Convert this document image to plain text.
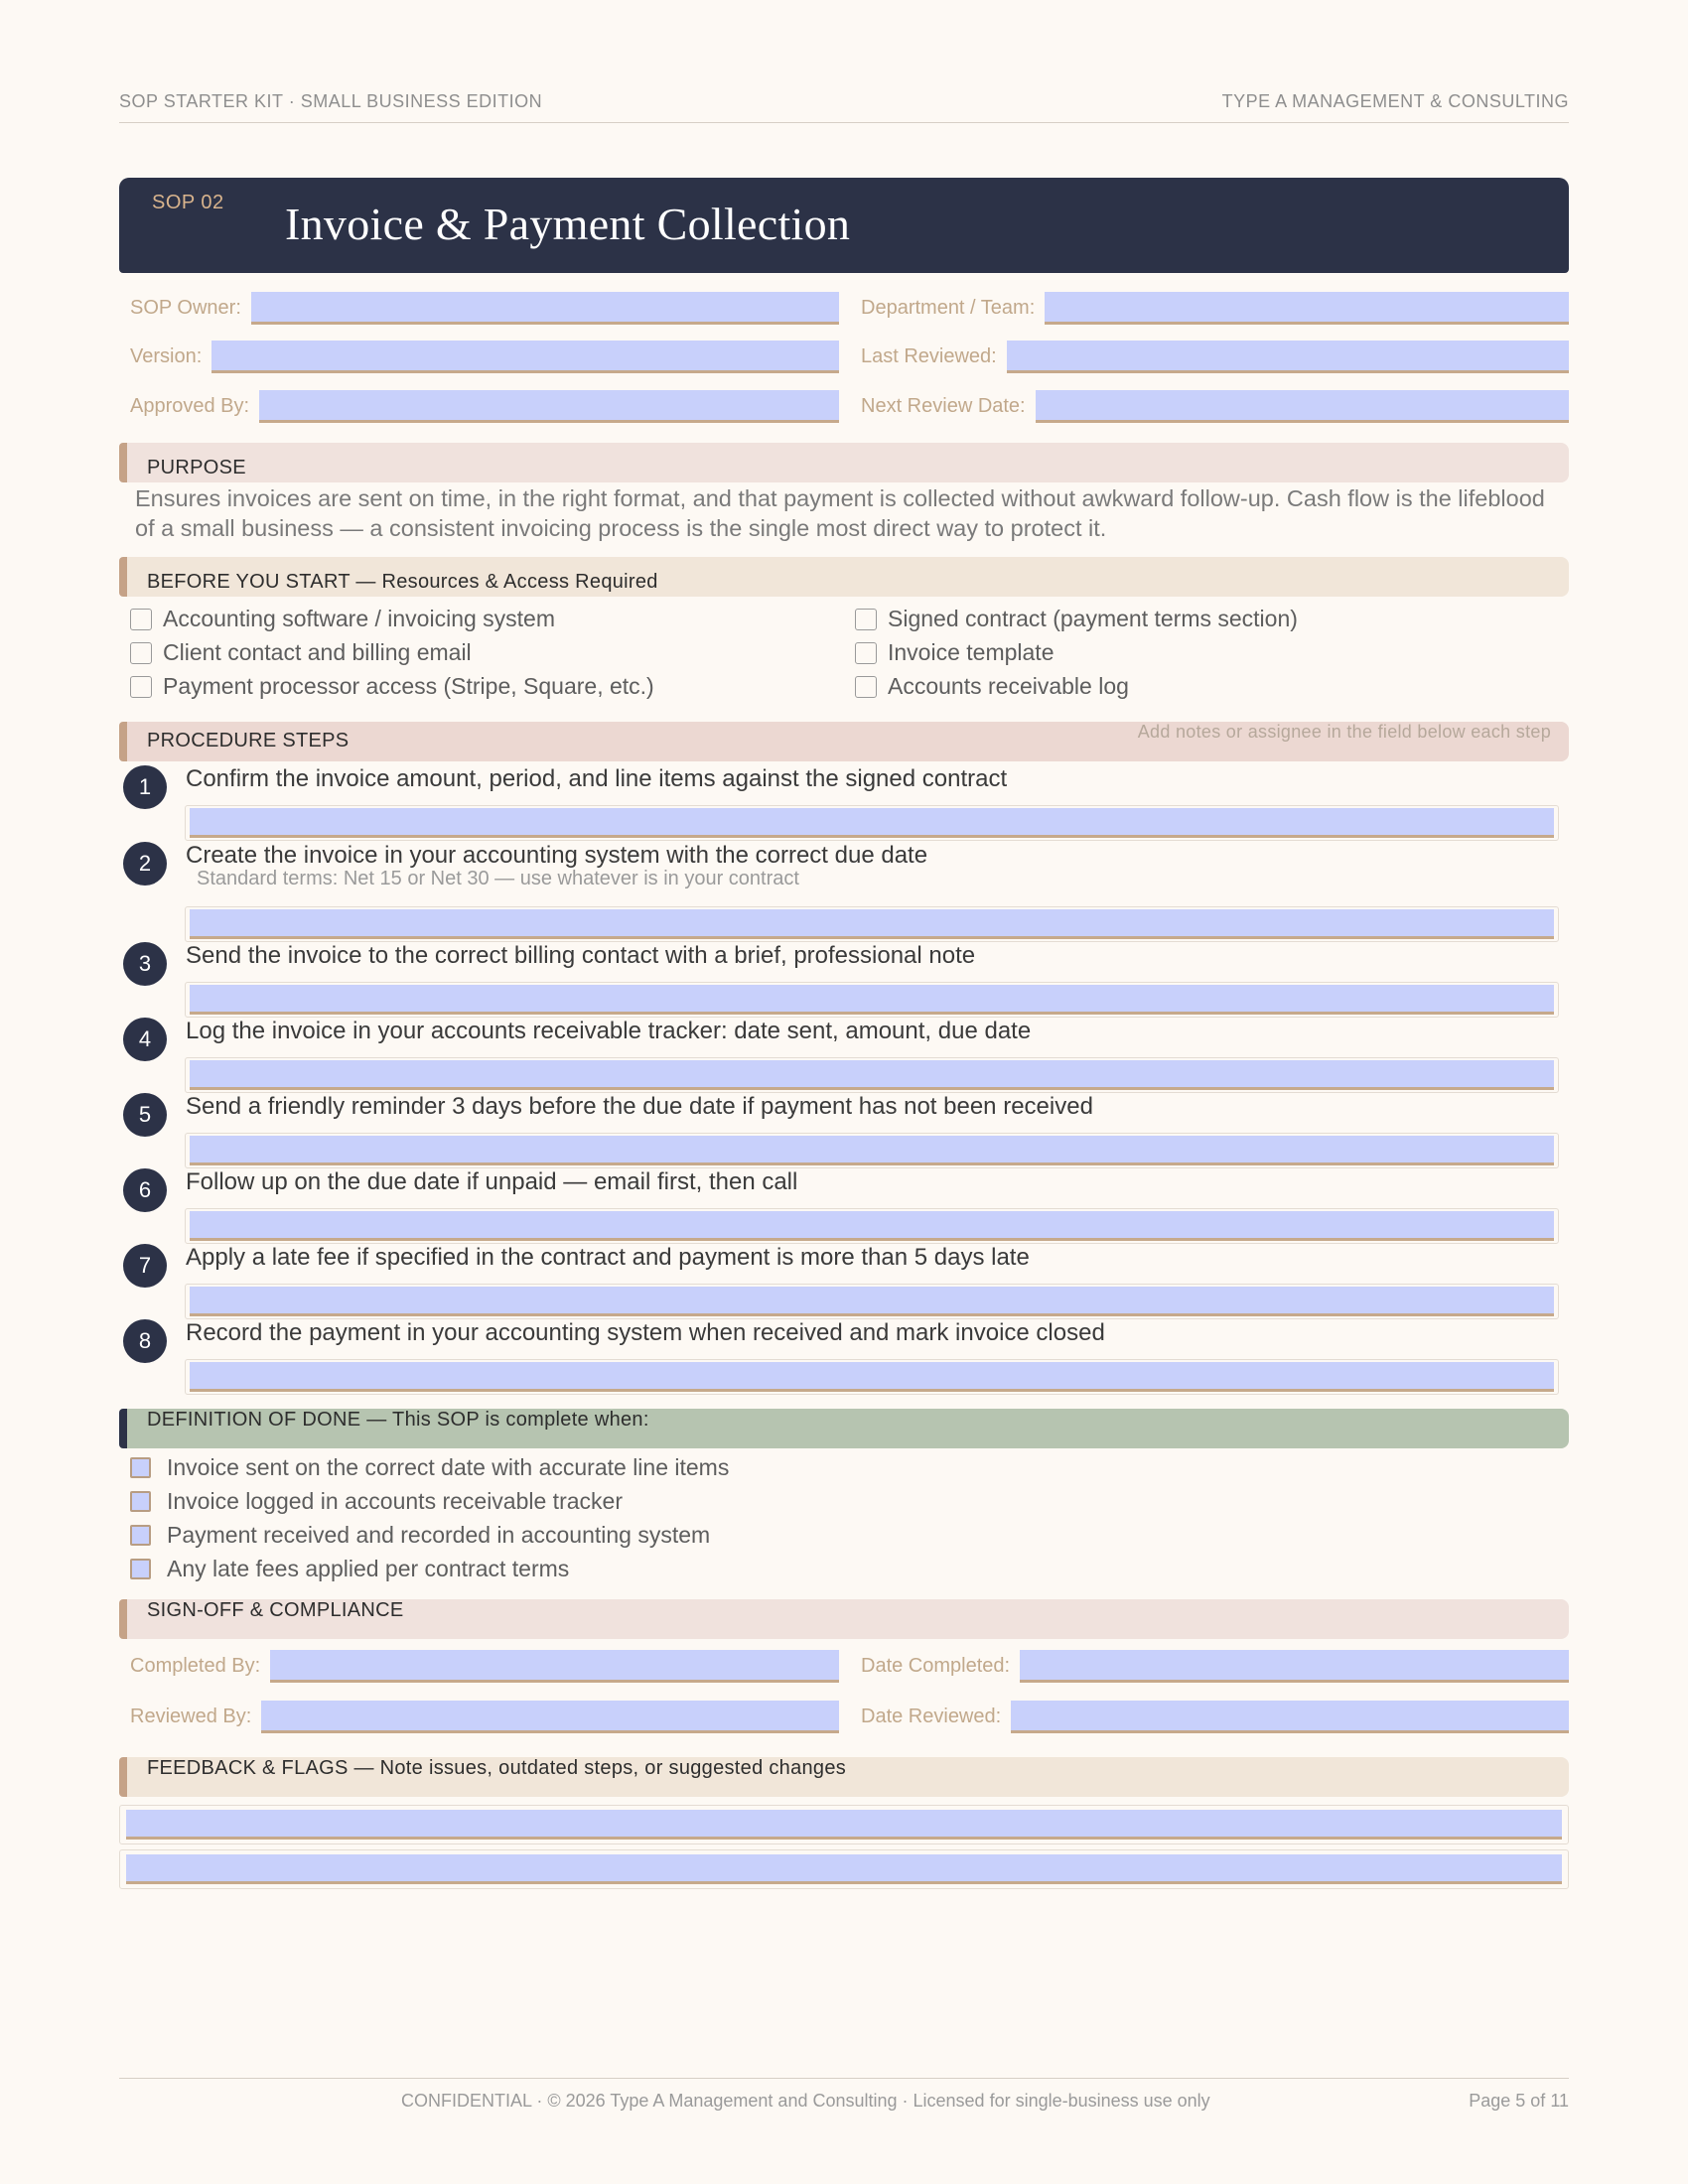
SOP STARTER KIT · SMALL BUSINESS EDITION	TYPE A MANAGEMENT & CONSULTING
SOP 02 Invoice & Payment Collection
SOP Owner:	Department / Team:
Version:	Last Reviewed:
Approved By:	Next Review Date:
PURPOSE
Ensures invoices are sent on time, in the right format, and that payment is collected without awkward follow-up. Cash flow is the lifeblood of a small business — a consistent invoicing process is the single most direct way to protect it.
BEFORE YOU START — Resources & Access Required
Accounting software / invoicing system
Client contact and billing email
Payment processor access (Stripe, Square, etc.)
Signed contract (payment terms section)
Invoice template
Accounts receivable log
PROCEDURE STEPS	Add notes or assignee in the field below each step
1	Confirm the invoice amount, period, and line items against the signed contract
2	Create the invoice in your accounting system with the correct due date
Standard terms: Net 15 or Net 30 — use whatever is in your contract
3	Send the invoice to the correct billing contact with a brief, professional note
4	Log the invoice in your accounts receivable tracker: date sent, amount, due date
5	Send a friendly reminder 3 days before the due date if payment has not been received
6	Follow up on the due date if unpaid — email first, then call
7	Apply a late fee if specified in the contract and payment is more than 5 days late
8	Record the payment in your accounting system when received and mark invoice closed
DEFINITION OF DONE — This SOP is complete when:
Invoice sent on the correct date with accurate line items
Invoice logged in accounts receivable tracker
Payment received and recorded in accounting system
Any late fees applied per contract terms
SIGN-OFF & COMPLIANCE
Completed By:	Date Completed:
Reviewed By:	Date Reviewed:
FEEDBACK & FLAGS — Note issues, outdated steps, or suggested changes
CONFIDENTIAL · © 2026 Type A Management and Consulting · Licensed for single-business use only	Page 5 of 11
